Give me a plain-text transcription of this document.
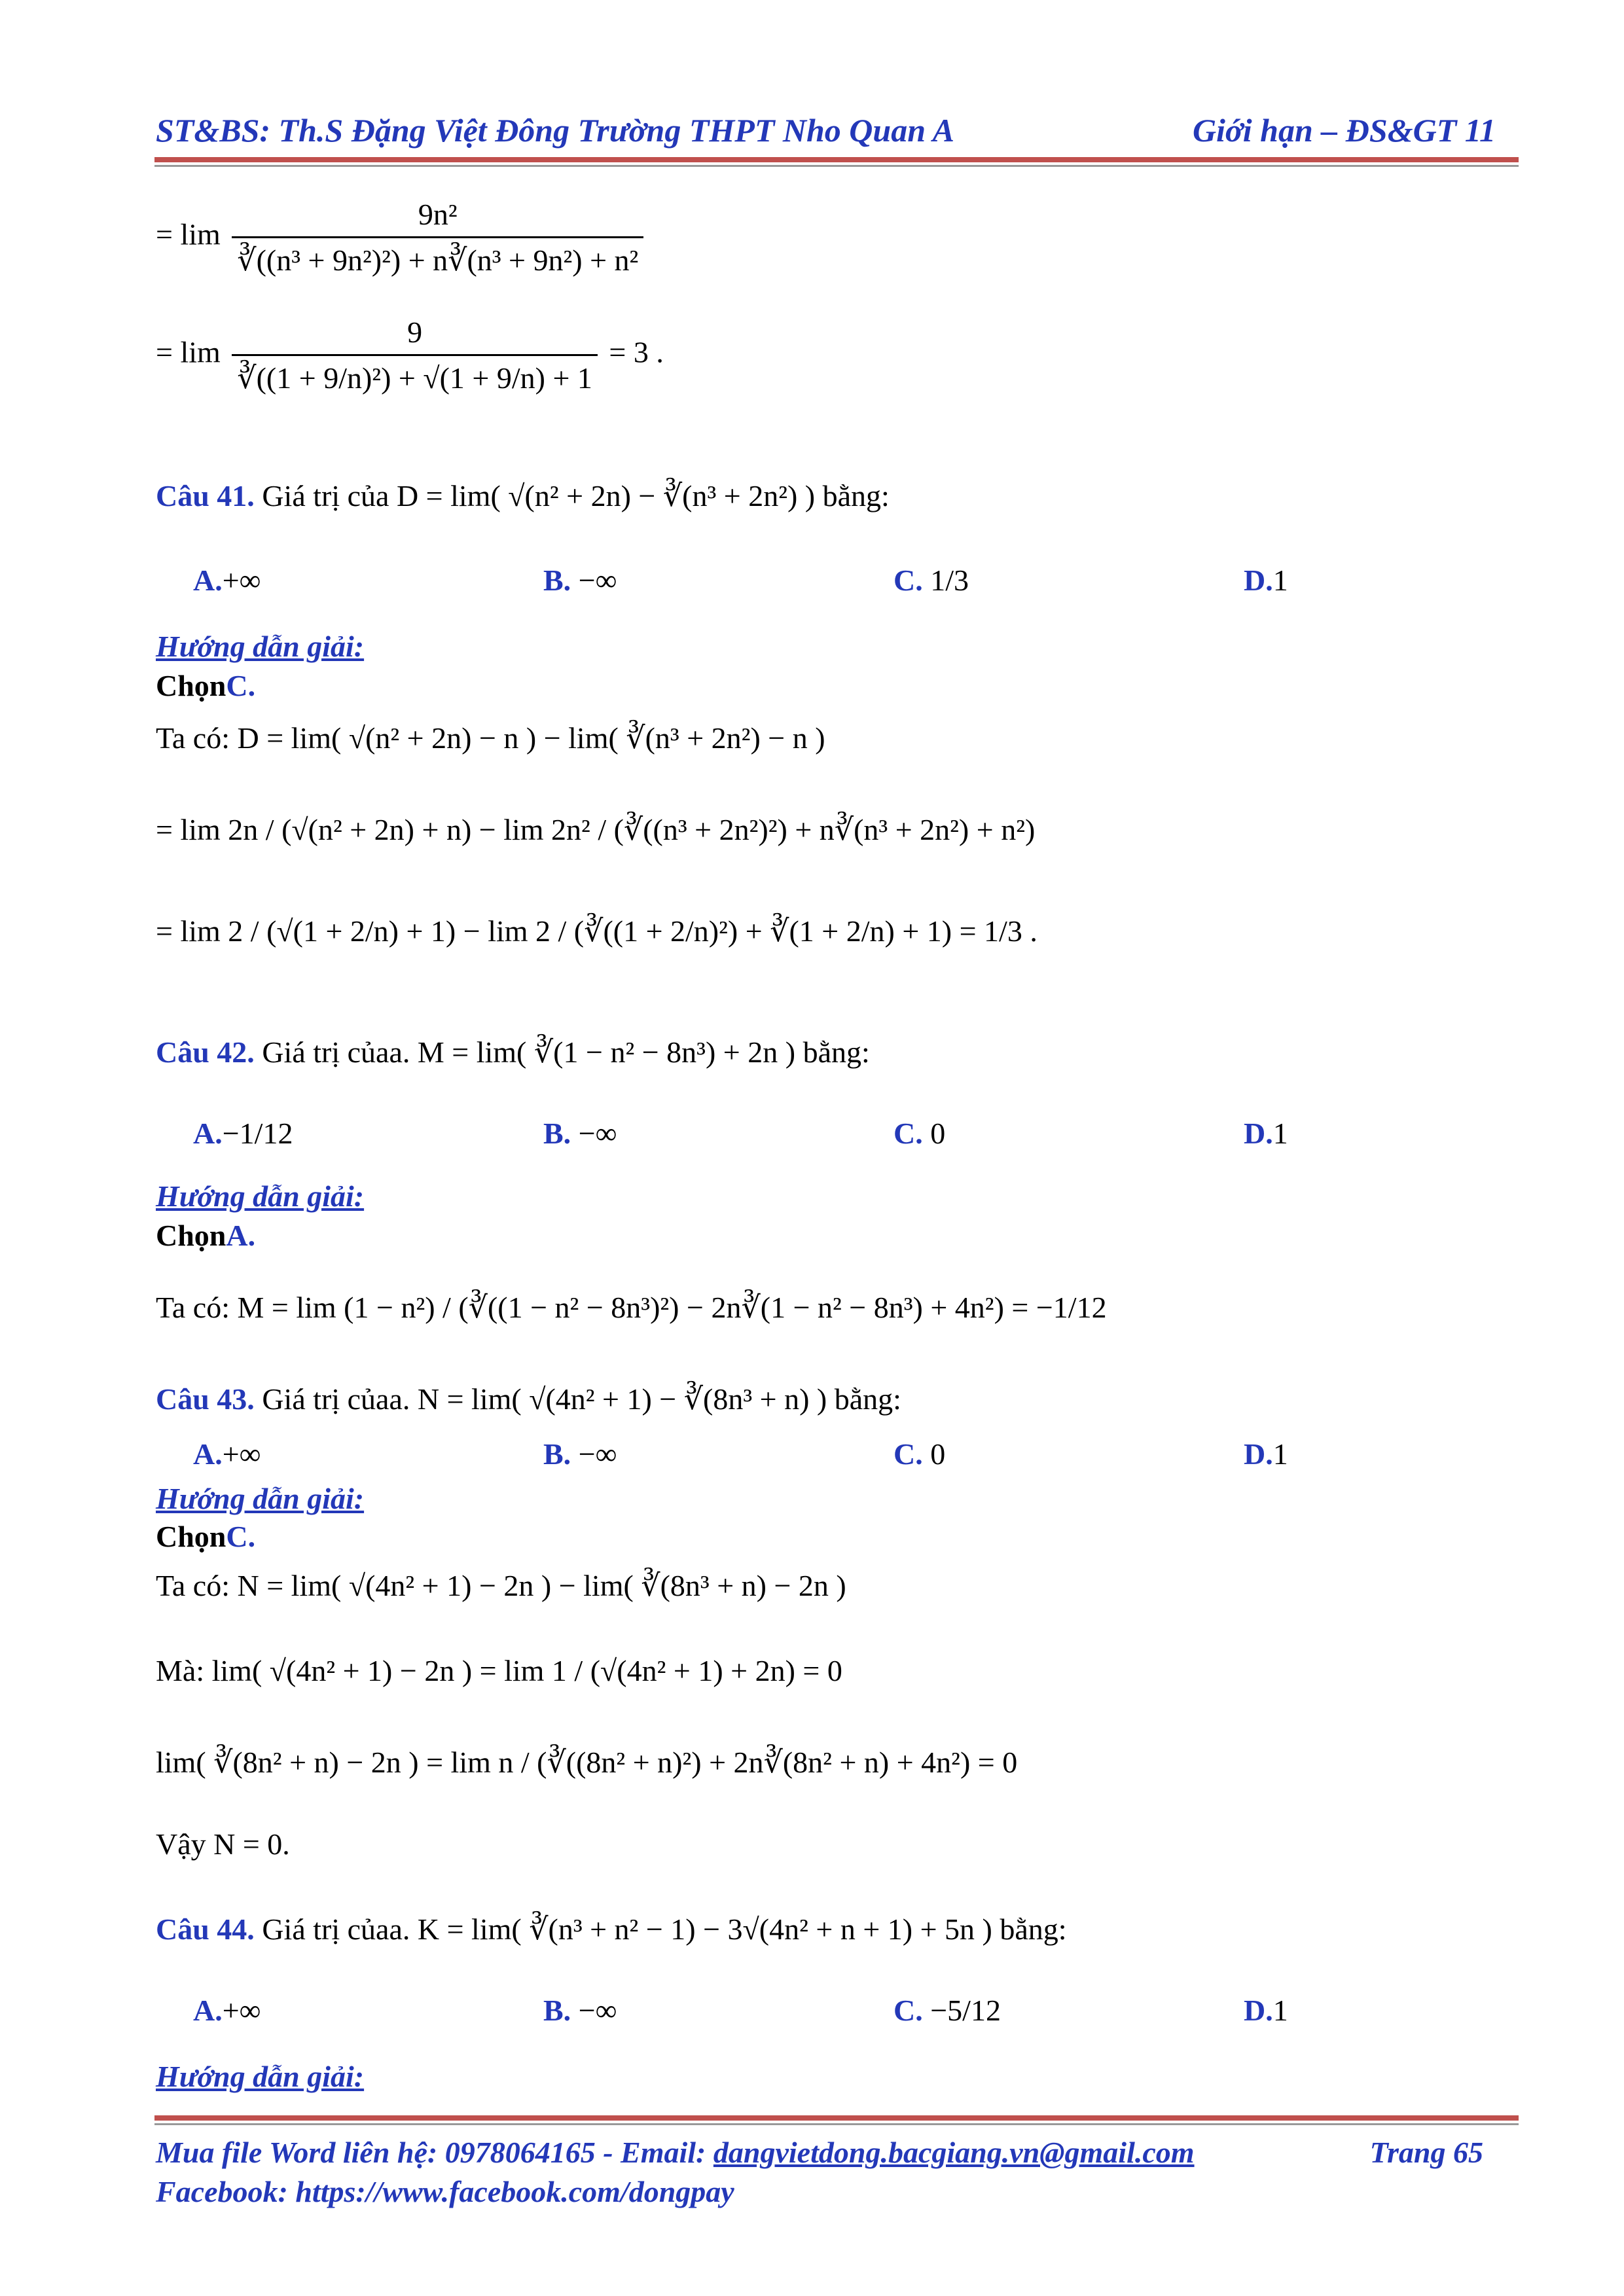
ST&BS: Th.S Đặng Việt Đông Trường THPT Nho Quan A	Giới hạn – ĐS&GT 11
= $\lim \frac{\text{9n²}}{\text{∛((n³ + 9n²)²) + n∛(n³ + 9n²) + n²}}$
= $\lim \frac{9}{\text{∛((1 + 9/n)²) + √(1 + 9/n) + 1}} = 3$ .
Câu 41. Giá trị của D = lim( √(n² + 2n) − ∛(n³ + 2n²) ) bằng:
A.+∞	B. −∞	C. 1/3	D.1
Hướng dẫn giải:
ChọnC.
Ta có: D = lim( √(n² + 2n) − n ) − lim( ∛(n³ + 2n²) − n )
= lim 2n / (√(n² + 2n) + n) − lim 2n² / (∛((n³ + 2n²)²) + n∛(n³ + 2n²) + n²)
= lim 2 / (√(1 + 2/n) + 1) − lim 2 / (∛((1 + 2/n)²) + ∛(1 + 2/n) + 1) = 1/3 .
Câu 42. Giá trị củaa. M = lim( ∛(1 − n² − 8n³) + 2n ) bằng:
A.−1/12	B. −∞	C. 0	D.1
Hướng dẫn giải:
ChọnA.
Ta có: M = lim (1 − n²) / (∛((1 − n² − 8n³)²) − 2n∛(1 − n² − 8n³) + 4n²) = −1/12
Câu 43. Giá trị củaa. N = lim( √(4n² + 1) − ∛(8n³ + n) ) bằng:
A.+∞	B. −∞	C. 0	D.1
Hướng dẫn giải:
ChọnC.
Ta có: N = lim( √(4n² + 1) − 2n ) − lim( ∛(8n³ + n) − 2n )
Mà: lim( √(4n² + 1) − 2n ) = lim 1 / (√(4n² + 1) + 2n) = 0
lim( ∛(8n² + n) − 2n ) = lim n / (∛((8n² + n)²) + 2n∛(8n² + n) + 4n²) = 0
Vậy N = 0.
Câu 44. Giá trị củaa. K = lim( ∛(n³ + n² − 1) − 3√(4n² + n + 1) + 5n ) bằng:
A.+∞	B. −∞	C. −5/12	D.1
Hướng dẫn giải:
Mua file Word liên hệ: 0978064165 - Email: dangvietdong.bacgiang.vn@gmail.com	Trang 65
Facebook: https://www.facebook.com/dongpay
